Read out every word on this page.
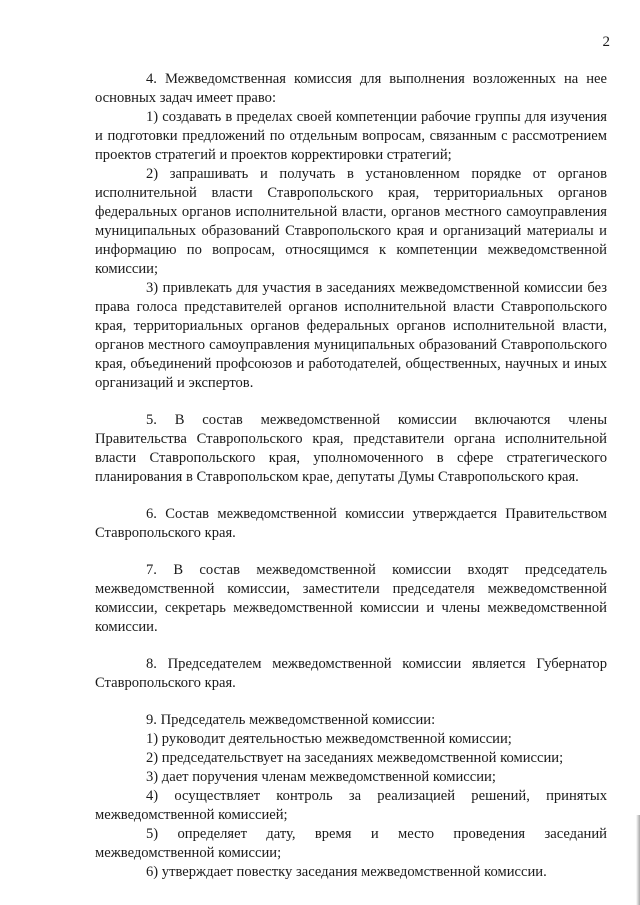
2

4. Межведомственная комиссия для выполнения возложенных на нее основных задач имеет право:

1) создавать в пределах своей компетенции рабочие группы для изучения и подготовки предложений по отдельным вопросам, связанным с рассмотрением проектов стратегий и проектов корректировки стратегий;

2) запрашивать и получать в установленном порядке от органов исполнительной власти Ставропольского края, территориальных органов федеральных органов исполнительной власти, органов местного самоуправления муниципальных образований Ставропольского края и организаций материалы и информацию по вопросам, относящимся к компетенции межведомственной комиссии;

3) привлекать для участия в заседаниях межведомственной комиссии без права голоса представителей органов исполнительной власти Ставропольского края, территориальных органов федеральных органов исполнительной власти, органов местного самоуправления муниципальных образований Ставропольского края, объединений профсоюзов и работодателей, общественных, научных и иных организаций и экспертов.

5. В состав межведомственной комиссии включаются члены Правительства Ставропольского края, представители органа исполнительной власти Ставропольского края, уполномоченного в сфере стратегического планирования в Ставропольском крае, депутаты Думы Ставропольского края.

6. Состав межведомственной комиссии утверждается Правительством Ставропольского края.

7. В состав межведомственной комиссии входят председатель межведомственной комиссии, заместители председателя межведомственной комиссии, секретарь межведомственной комиссии и члены межведомственной комиссии.

8. Председателем межведомственной комиссии является Губернатор Ставропольского края.

9. Председатель межведомственной комиссии:

1) руководит деятельностью межведомственной комиссии;

2) председательствует на заседаниях межведомственной комиссии;

3) дает поручения членам межведомственной комиссии;

4) осуществляет контроль за реализацией решений, принятых межведомственной комиссией;

5) определяет дату, время и место проведения заседаний межведомственной комиссии;

6) утверждает повестку заседания межведомственной комиссии.
